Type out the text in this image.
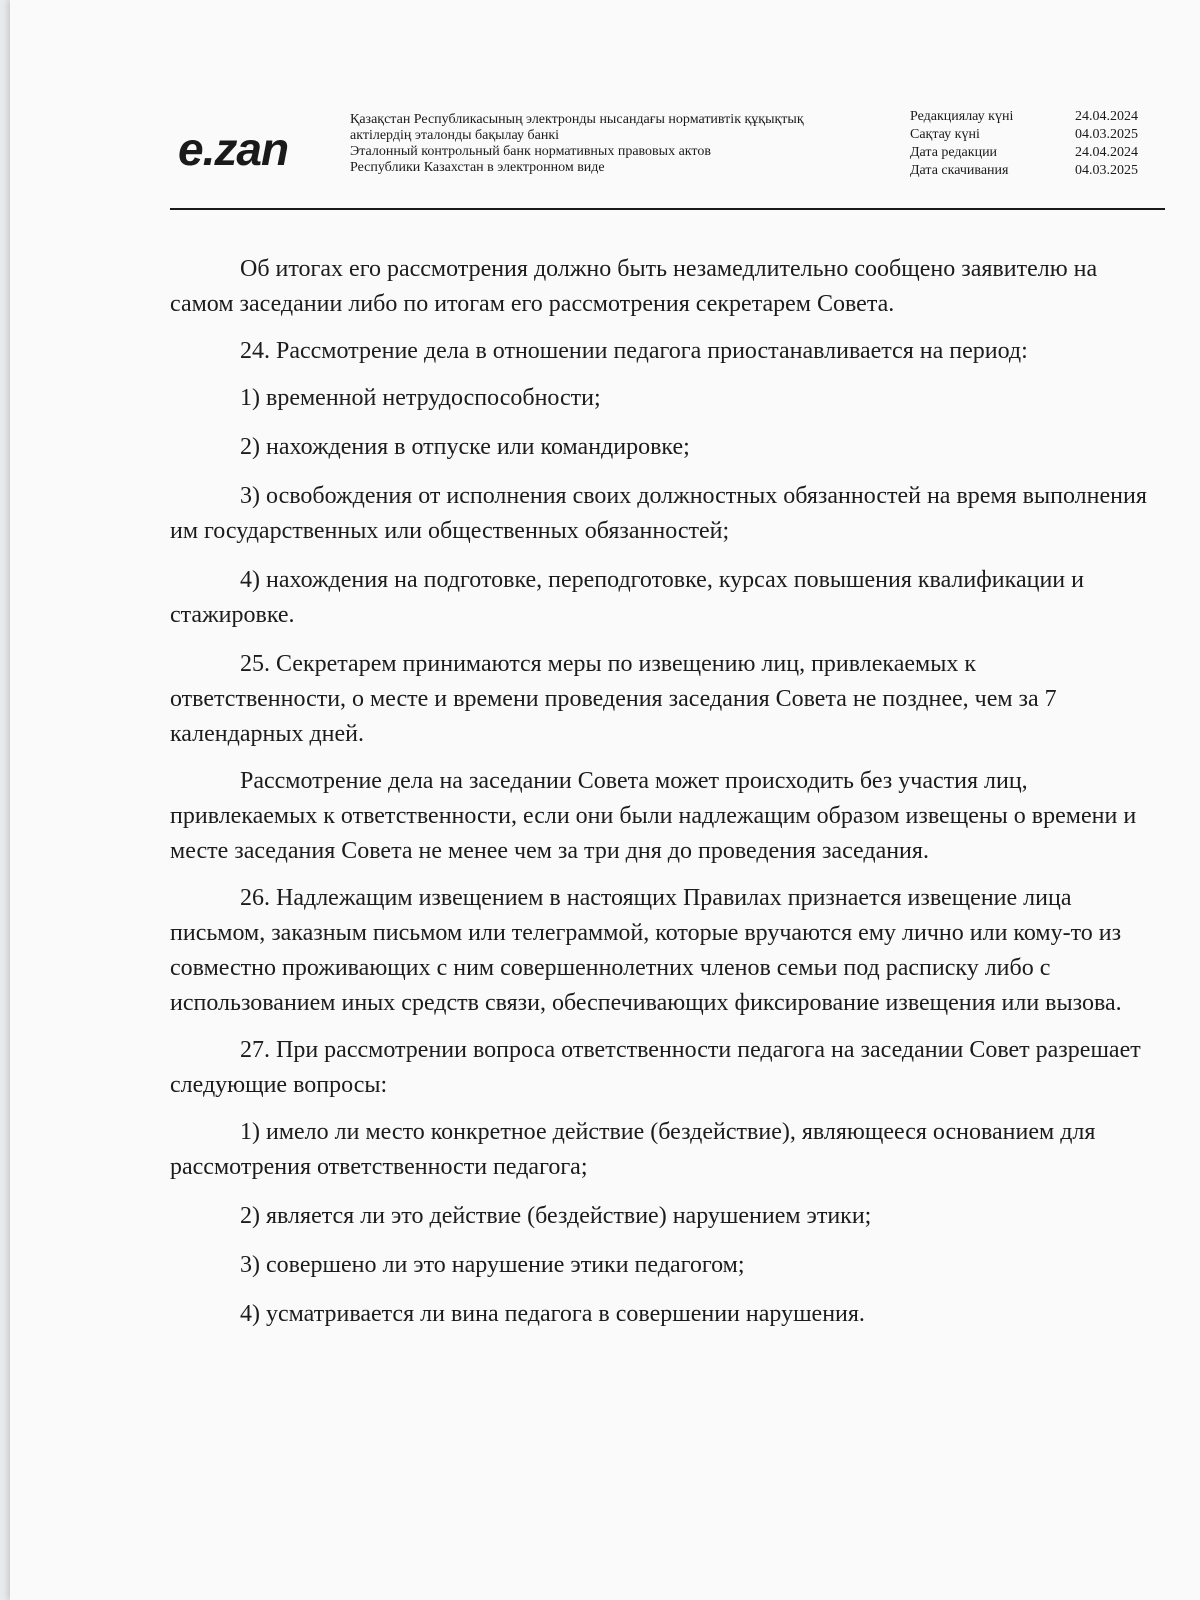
e.zan
Қазақстан Республикасының электронды нысандағы нормативтік құқықтық
актілердің эталонды бақылау банкі
Эталонный контрольный банк нормативных правовых актов
Республики Казахстан в электронном виде
Редакциялау күні	24.04.2024
Сақтау күні	04.03.2025
Дата редакции	24.04.2024
Дата скачивания	04.03.2025

Об итогах его рассмотрения должно быть незамедлительно сообщено заявителю на самом заседании либо по итогам его рассмотрения секретарем Совета.

24. Рассмотрение дела в отношении педагога приостанавливается на период:

1) временной нетрудоспособности;

2) нахождения в отпуске или командировке;

3) освобождения от исполнения своих должностных обязанностей на время выполнения им государственных или общественных обязанностей;

4) нахождения на подготовке, переподготовке, курсах повышения квалификации и стажировке.

25. Секретарем принимаются меры по извещению лиц, привлекаемых к ответственности, о месте и времени проведения заседания Совета не позднее, чем за 7 календарных дней.

Рассмотрение дела на заседании Совета может происходить без участия лиц, привлекаемых к ответственности, если они были надлежащим образом извещены о времени и месте заседания Совета не менее чем за три дня до проведения заседания.

26. Надлежащим извещением в настоящих Правилах признается извещение лица письмом, заказным письмом или телеграммой, которые вручаются ему лично или кому-то из совместно проживающих с ним совершеннолетних членов семьи под расписку либо с использованием иных средств связи, обеспечивающих фиксирование извещения или вызова.

27. При рассмотрении вопроса ответственности педагога на заседании Совет разрешает следующие вопросы:

1) имело ли место конкретное действие (бездействие), являющееся основанием для рассмотрения ответственности педагога;

2) является ли это действие (бездействие) нарушением этики;

3) совершено ли это нарушение этики педагогом;

4) усматривается ли вина педагога в совершении нарушения.
